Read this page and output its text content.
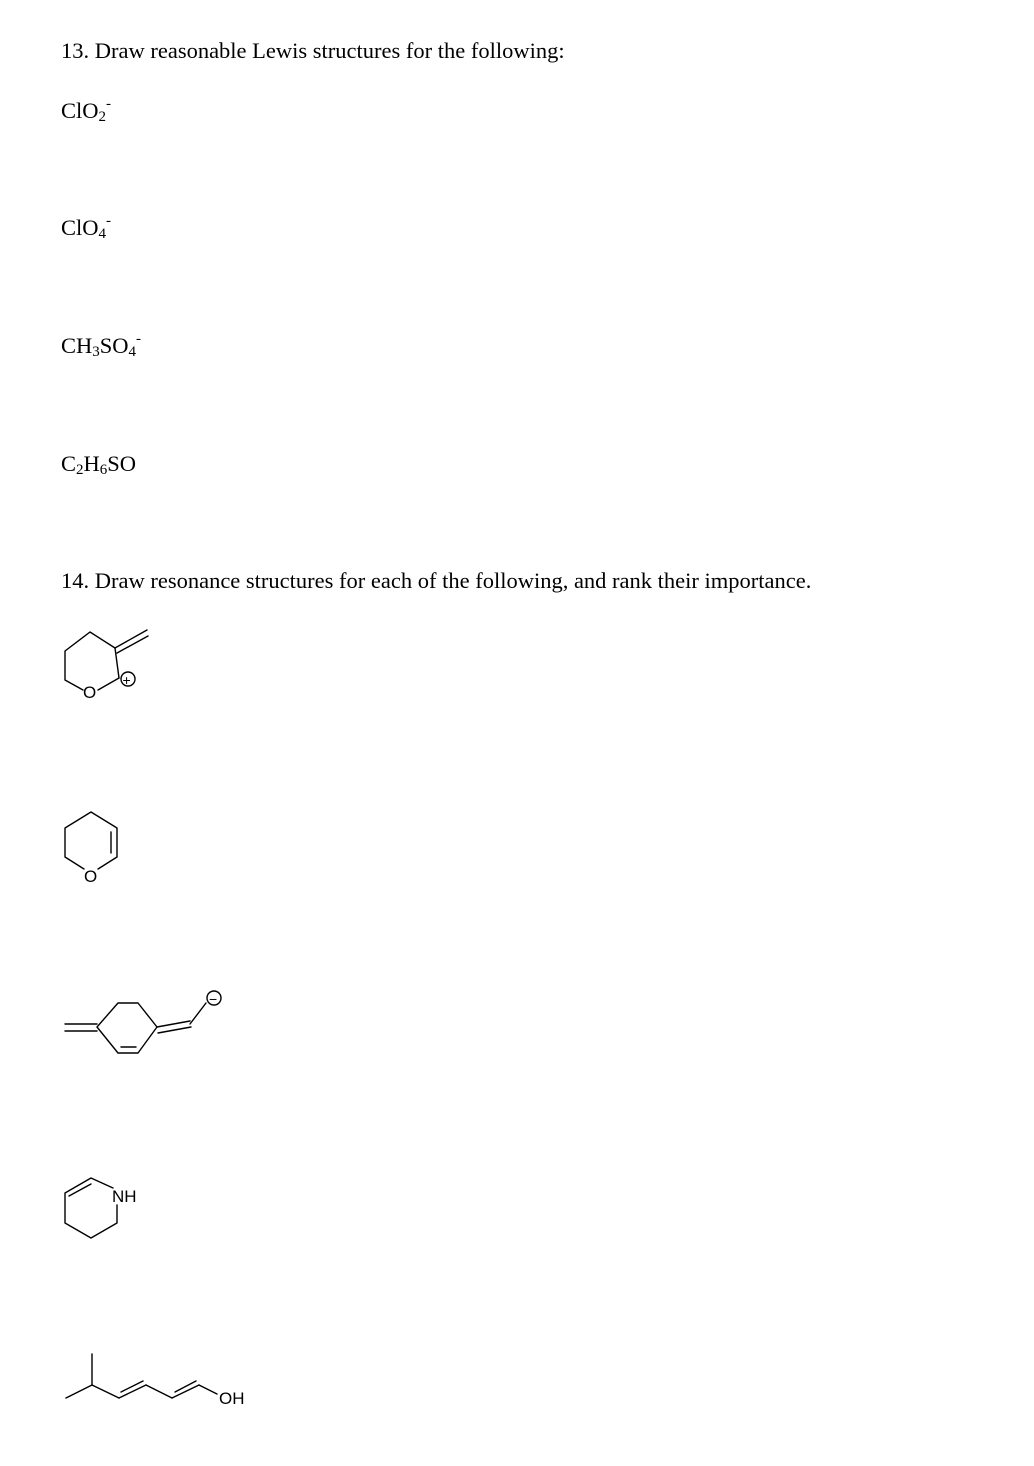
13. Draw reasonable Lewis structures for the following:
ClO$_2$-
ClO$_4$-
$CH_3SO_4^-$
$C_2H_6SO$
14. Draw resonance structures for each of the following, and rank their importance.
O
+
O
−
NH
OH
